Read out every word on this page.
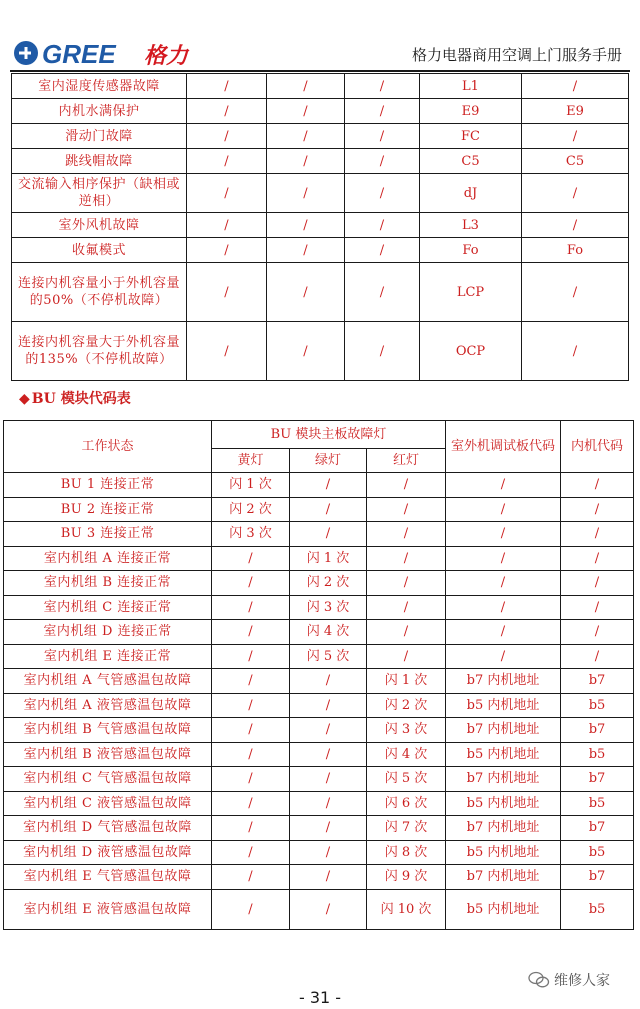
GREE 格力	格力电器商用空调上门服务手册
室内湿度传感器故障	/	/	/	L1	/
内机水满保护	/	/	/	E9	E9
滑动门故障	/	/	/	FC	/
跳线帽故障	/	/	/	C5	C5
交流输入相序保护（缺相或逆相）	/	/	/	dJ	/
室外风机故障	/	/	/	L3	/
收氟模式	/	/	/	Fo	Fo
连接内机容量小于外机容量的50%（不停机故障）	/	/	/	LCP	/
连接内机容量大于外机容量的135%（不停机故障）	/	/	/	OCP	/
◆ BU 模块代码表
工作状态	BU 模块主板故障灯			室外机调试板代码	内机代码
	黄灯	绿灯	红灯		
BU 1 连接正常	闪 1 次	/	/	/	/
BU 2 连接正常	闪 2 次	/	/	/	/
BU 3 连接正常	闪 3 次	/	/	/	/
室内机组 A 连接正常	/	闪 1 次	/	/	/
室内机组 B 连接正常	/	闪 2 次	/	/	/
室内机组 C 连接正常	/	闪 3 次	/	/	/
室内机组 D 连接正常	/	闪 4 次	/	/	/
室内机组 E 连接正常	/	闪 5 次	/	/	/
室内机组 A 气管感温包故障	/	/	闪 1 次	b7 内机地址	b7
室内机组 A 液管感温包故障	/	/	闪 2 次	b5 内机地址	b5
室内机组 B 气管感温包故障	/	/	闪 3 次	b7 内机地址	b7
室内机组 B 液管感温包故障	/	/	闪 4 次	b5 内机地址	b5
室内机组 C 气管感温包故障	/	/	闪 5 次	b7 内机地址	b7
室内机组 C 液管感温包故障	/	/	闪 6 次	b5 内机地址	b5
室内机组 D 气管感温包故障	/	/	闪 7 次	b7 内机地址	b7
室内机组 D 液管感温包故障	/	/	闪 8 次	b5 内机地址	b5
室内机组 E 气管感温包故障	/	/	闪 9 次	b7 内机地址	b7
室内机组 E 液管感温包故障	/	/	闪 10 次	b5 内机地址	b5
维修人家
- 31 -
